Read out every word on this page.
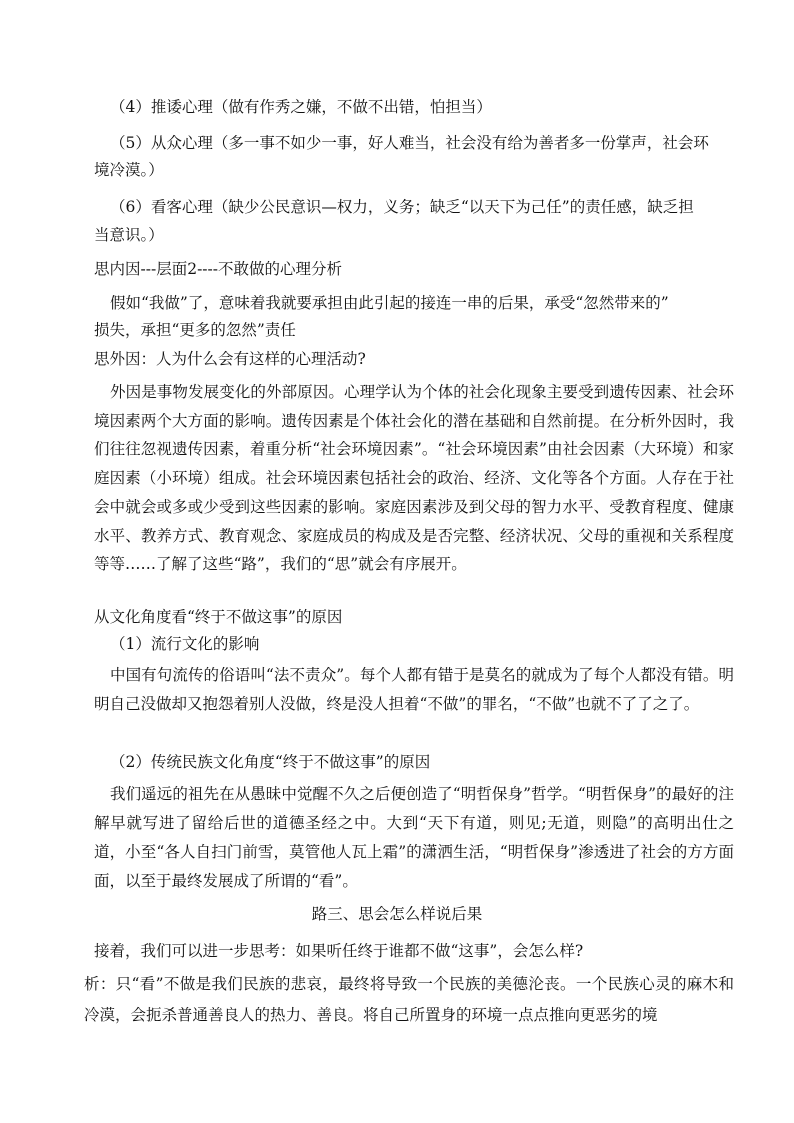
（4）推诿心理（做有作秀之嫌，不做不出错，怕担当）
（5）从众心理（多一事不如少一事，好人难当，社会没有给为善者多一份掌声，社会环
境冷漠。）
（6）看客心理（缺少公民意识—权力，义务；缺乏“以天下为己任”的责任感，缺乏担
当意识。）
思内因---层面2----不敢做的心理分析
假如“我做”了，意味着我就要承担由此引起的接连一串的后果，承受“忽然带来的”
损失，承担“更多的忽然”责任
思外因：人为什么会有这样的心理活动?
外因是事物发展变化的外部原因。心理学认为个体的社会化现象主要受到遗传因素、社会环境因素两个大方面的影响。遗传因素是个体社会化的潜在基础和自然前提。在分析外因时，我们往往忽视遗传因素，着重分析“社会环境因素”。“社会环境因素”由社会因素（大环境）和家庭因素（小环境）组成。社会环境因素包括社会的政治、经济、文化等各个方面。人存在于社会中就会或多或少受到这些因素的影响。家庭因素涉及到父母的智力水平、受教育程度、健康水平、教养方式、教育观念、家庭成员的构成及是否完整、经济状况、父母的重视和关系程度等等……了解了这些“路”，我们的“思”就会有序展开。
从文化角度看“终于不做这事”的原因
（1）流行文化的影响
中国有句流传的俗语叫“法不责众”。每个人都有错于是莫名的就成为了每个人都没有错。明明自己没做却又抱怨着别人没做，终是没人担着“不做”的罪名，“不做”也就不了了之了。
（2）传统民族文化角度“终于不做这事”的原因
我们遥远的祖先在从愚昧中觉醒不久之后便创造了“明哲保身”哲学。“明哲保身”的最好的注解早就写进了留给后世的道德圣经之中。大到“天下有道，则见;无道，则隐”的高明出仕之道，小至“各人自扫门前雪，莫管他人瓦上霜”的潇洒生活，“明哲保身”渗透进了社会的方方面面，以至于最终发展成了所谓的“看”。
路三、思会怎么样说后果
接着，我们可以进一步思考：如果听任终于谁都不做“这事”，会怎么样?
析：只“看”不做是我们民族的悲哀，最终将导致一个民族的美德沦丧。一个民族心灵的麻木和冷漠，会扼杀普通善良人的热力、善良。将自己所置身的环境一点点推向更恶劣的境
